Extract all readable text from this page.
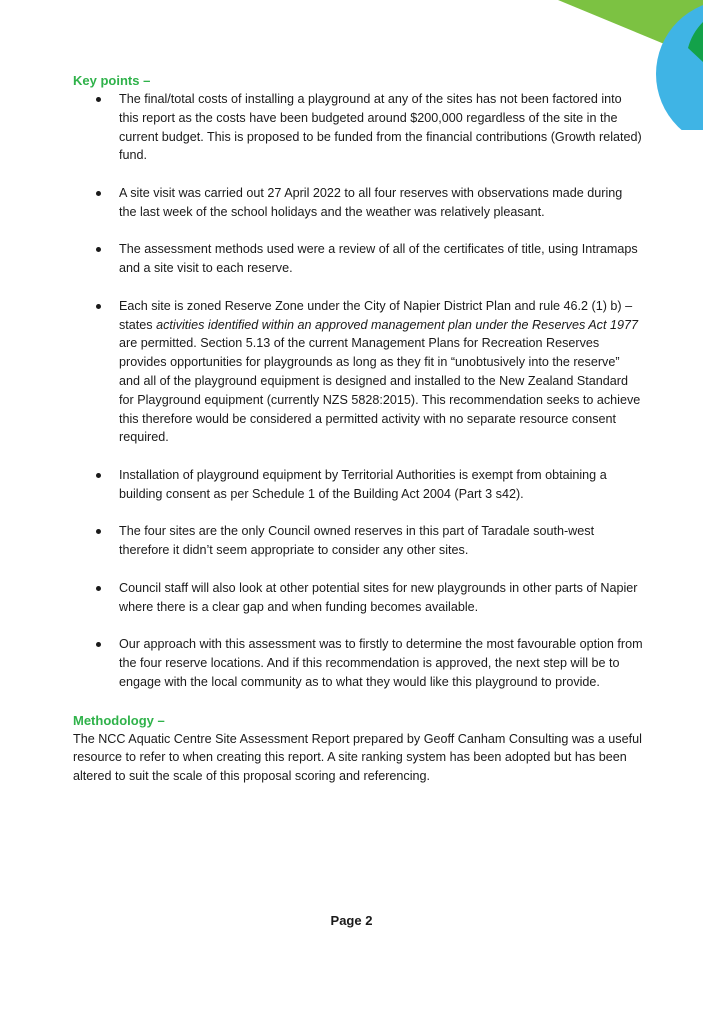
Key points –
The final/total costs of installing a playground at any of the sites has not been factored into this report as the costs have been budgeted around $200,000 regardless of the site in the current budget. This is proposed to be funded from the financial contributions (Growth related) fund.
A site visit was carried out 27 April 2022 to all four reserves with observations made during the last week of the school holidays and the weather was relatively pleasant.
The assessment methods used were a review of all of the certificates of title, using Intramaps and a site visit to each reserve.
Each site is zoned Reserve Zone under the City of Napier District Plan and rule 46.2 (1) b) – states activities identified within an approved management plan under the Reserves Act 1977 are permitted. Section 5.13 of the current Management Plans for Recreation Reserves provides opportunities for playgrounds as long as they fit in “unobtusively into the reserve” and all of the playground equipment is designed and installed to the New Zealand Standard for Playground equipment (currently NZS 5828:2015). This recommendation seeks to achieve this therefore would be considered a permitted activity with no separate resource consent required.
Installation of playground equipment by Territorial Authorities is exempt from obtaining a building consent as per Schedule 1 of the Building Act 2004 (Part 3 s42).
The four sites are the only Council owned reserves in this part of Taradale south-west therefore it didn’t seem appropriate to consider any other sites.
Council staff will also look at other potential sites for new playgrounds in other parts of Napier where there is a clear gap and when funding becomes available.
Our approach with this assessment was to firstly to determine the most favourable option from the four reserve locations. And if this recommendation is approved, the next step will be to engage with the local community as to what they would like this playground to provide.
Methodology –

The NCC Aquatic Centre Site Assessment Report prepared by Geoff Canham Consulting was a useful resource to refer to when creating this report. A site ranking system has been adopted but has been altered to suit the scale of this proposal scoring and referencing.

Page 2
